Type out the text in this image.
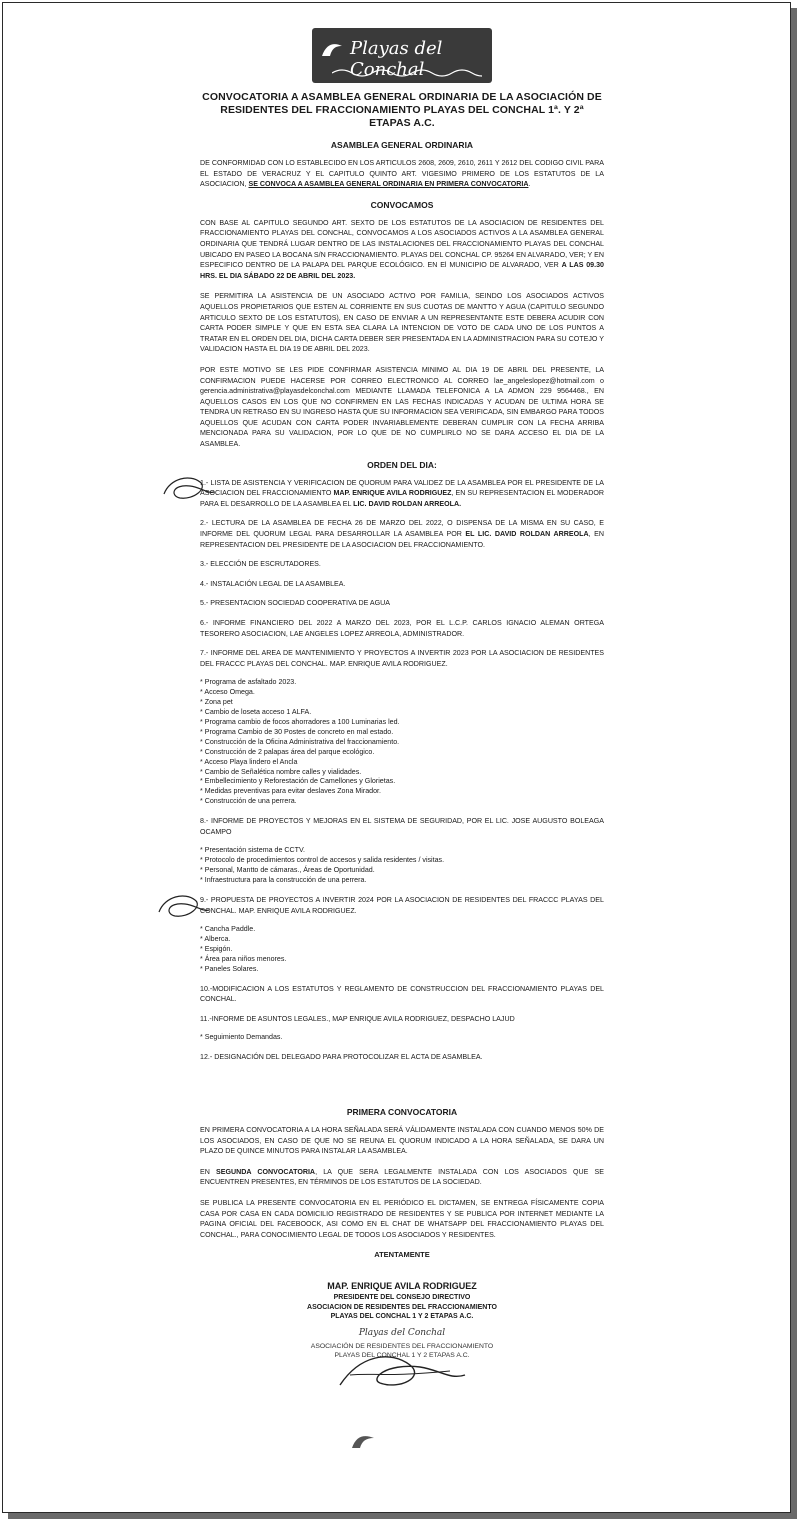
Playas del Conchal
CONVOCATORIA A ASAMBLEA GENERAL ORDINARIA DE LA ASOCIACIÓN DE RESIDENTES DEL FRACCIONAMIENTO PLAYAS DEL CONCHAL 1ª. Y 2ª ETAPAS A.C.
ASAMBLEA GENERAL ORDINARIA

DE CONFORMIDAD CON LO ESTABLECIDO EN LOS ARTICULOS 2608, 2609, 2610, 2611 Y 2612 DEL CODIGO CIVIL PARA EL ESTADO DE VERACRUZ Y EL CAPITULO QUINTO ART. VIGESIMO PRIMERO DE LOS ESTATUTOS DE LA ASOCIACION, SE CONVOCA A ASAMBLEA GENERAL ORDINARIA EN PRIMERA CONVOCATORIA.

CONVOCAMOS

CON BASE AL CAPITULO SEGUNDO ART. SEXTO DE LOS ESTATUTOS DE LA ASOCIACION DE RESIDENTES DEL FRACCIONAMIENTO PLAYAS DEL CONCHAL, CONVOCAMOS A LOS ASOCIADOS ACTIVOS A LA ASAMBLEA GENERAL ORDINARIA QUE TENDRÁ LUGAR DENTRO DE LAS INSTALACIONES DEL FRACCIONAMIENTO PLAYAS DEL CONCHAL UBICADO EN PASEO LA BOCANA S/N FRACCIONAMIENTO. PLAYAS DEL CONCHAL CP. 95264 EN ALVARADO, VER; Y EN ESPECIFICO DENTRO DE LA PALAPA DEL PARQUE ECOLÓGICO. EN El MUNICIPIO DE ALVARADO, VER A LAS 09.30 HRS. EL DIA SÁBADO 22 DE ABRIL DEL 2023.

SE PERMITIRA LA ASISTENCIA DE UN ASOCIADO ACTIVO POR FAMILIA, SEINDO LOS ASOCIADOS ACTIVOS AQUELLOS PROPIETARIOS QUE ESTEN AL CORRIENTE EN SUS CUOTAS DE MANTTO Y AGUA (CAPITULO SEGUNDO ARTICULO SEXTO DE LOS ESTATUTOS), EN CASO DE ENVIAR A UN REPRESENTANTE ESTE DEBERA ACUDIR CON CARTA PODER SIMPLE Y QUE EN ESTA SEA CLARA LA INTENCION DE VOTO DE CADA UNO DE LOS PUNTOS A TRATAR EN EL ORDEN DEL DIA, DICHA CARTA DEBER SER PRESENTADA EN LA ADMINISTRACION PARA SU COTEJO Y VALIDACION HASTA EL DIA 19 DE ABRIL DEL 2023.

POR ESTE MOTIVO SE LES PIDE CONFIRMAR ASISTENCIA MINIMO AL DIA 19 DE ABRIL DEL PRESENTE, LA CONFIRMACION PUEDE HACERSE POR CORREO ELECTRONICO AL CORREO lae_angeleslopez@hotmail.com o gerencia.administrativa@playasdelconchal.com MEDIANTE LLAMADA TELEFONICA A LA ADMON 229 9564468., EN AQUELLOS CASOS EN LOS QUE NO CONFIRMEN EN LAS FECHAS INDICADAS Y ACUDAN DE ULTIMA HORA SE TENDRA UN RETRASO EN SU INGRESO HASTA QUE SU INFORMACION SEA VERIFICADA, SIN EMBARGO PARA TODOS AQUELLOS QUE ACUDAN CON CARTA PODER INVARIABLEMENTE DEBERAN CUMPLIR CON LA FECHA ARRIBA MENCIONADA PARA SU VALIDACION, POR LO QUE DE NO CUMPLIRLO NO SE DARA ACCESO EL DIA DE LA ASAMBLEA.

ORDEN DEL DIA:

1.- LISTA DE ASISTENCIA Y VERIFICACION DE QUORUM PARA VALIDEZ DE LA ASAMBLEA POR EL PRESIDENTE DE LA ASOCIACION DEL FRACCIONAMIENTO MAP. ENRIQUE AVILA RODRIGUEZ, EN SU REPRESENTACION EL MODERADOR PARA EL DESARROLLO DE LA ASAMBLEA EL LIC. DAVID ROLDAN ARREOLA.

2.- LECTURA DE LA ASAMBLEA DE FECHA 26 DE MARZO DEL 2022, O DISPENSA DE LA MISMA EN SU CASO, E INFORME DEL QUORUM LEGAL PARA DESARROLLAR LA ASAMBLEA POR EL LIC. DAVID ROLDAN ARREOLA, EN REPRESENTACION DEL PRESIDENTE DE LA ASOCIACION DEL FRACCIONAMIENTO.

3.- ELECCIÓN DE ESCRUTADORES.

4.- INSTALACIÓN LEGAL DE LA ASAMBLEA.

5.- PRESENTACION SOCIEDAD COOPERATIVA DE AGUA

6.- INFORME FINANCIERO DEL 2022 A MARZO DEL 2023, POR EL L.C.P. CARLOS IGNACIO ALEMAN ORTEGA TESORERO ASOCIACION, LAE ANGELES LOPEZ ARREOLA, ADMINISTRADOR.

7.- INFORME DEL AREA DE MANTENIMIENTO Y PROYECTOS A INVERTIR 2023 POR LA ASOCIACION DE RESIDENTES DEL FRACCC PLAYAS DEL CONCHAL. MAP. ENRIQUE AVILA RODRIGUEZ.

* Programa de asfaltado 2023.
* Acceso Omega.
* Zona pet
* Cambio de loseta acceso 1 ALFA.
* Programa cambio de focos ahorradores a 100 Luminarias led.
* Programa Cambio de 30 Postes de concreto en mal estado.
* Construcción de la Oficina Administrativa del fraccionamiento.
* Construcción de 2 palapas área del parque ecológico.
* Acceso Playa lindero el Ancla
* Cambio de Señalética nombre calles y vialidades.
* Embellecimiento y Reforestación de Camellones y Glorietas.
* Medidas preventivas para evitar deslaves Zona Mirador.
* Construcción de una perrera.

8.- INFORME DE PROYECTOS Y MEJORAS EN EL SISTEMA DE SEGURIDAD, POR EL LIC. JOSE AUGUSTO BOLEAGA OCAMPO

* Presentación sistema de CCTV.
* Protocolo de procedimientos control de accesos y salida residentes / visitas.
* Personal, Mantto de cámaras., Áreas de Oportunidad.
* Infraestructura para la construcción de una perrera.

9.- PROPUESTA DE PROYECTOS A INVERTIR 2024 POR LA ASOCIACION DE RESIDENTES DEL FRACCC PLAYAS DEL CONCHAL. MAP. ENRIQUE AVILA RODRIGUEZ.

* Cancha Paddle.
* Alberca.
* Espigón.
* Área para niños menores.
* Paneles Solares.

10.-MODIFICACION A LOS ESTATUTOS Y REGLAMENTO DE CONSTRUCCION DEL FRACCIONAMIENTO PLAYAS DEL CONCHAL.

11.-INFORME DE ASUNTOS LEGALES., MAP ENRIQUE AVILA RODRIGUEZ, DESPACHO LAJUD

* Seguimiento Demandas.

12.- DESIGNACIÓN DEL DELEGADO PARA PROTOCOLIZAR EL ACTA DE ASAMBLEA.

PRIMERA CONVOCATORIA

EN PRIMERA CONVOCATORIA A LA HORA SEÑALADA SERÁ VÁLIDAMENTE INSTALADA CON CUANDO MENOS 50% DE LOS ASOCIADOS, EN CASO DE QUE NO SE REUNA EL QUORUM INDICADO A LA HORA SEÑALADA, SE DARA UN PLAZO DE QUINCE MINUTOS PARA INSTALAR LA ASAMBLEA.

EN SEGUNDA CONVOCATORIA, LA QUE SERA LEGALMENTE INSTALADA CON LOS ASOCIADOS QUE SE ENCUENTREN PRESENTES, EN TÉRMINOS DE LOS ESTATUTOS DE LA SOCIEDAD.

SE PUBLICA LA PRESENTE CONVOCATORIA EN EL PERIÓDICO EL DICTAMEN, SE ENTREGA FÍSICAMENTE COPIA CASA POR CASA EN CADA DOMICILIO REGISTRADO DE RESIDENTES Y SE PUBLICA POR INTERNET MEDIANTE LA PAGINA OFICIAL DEL FACEBOOCK, ASI COMO EN EL CHAT DE WHATSAPP DEL FRACCIONAMIENTO PLAYAS DEL CONCHAL., PARA CONOCIMIENTO LEGAL DE TODOS LOS ASOCIADOS Y RESIDENTES.

ATENTAMENTE
MAP. ENRIQUE AVILA RODRIGUEZ
PRESIDENTE DEL CONSEJO DIRECTIVO
ASOCIACION DE RESIDENTES DEL FRACCIONAMIENTO
PLAYAS DEL CONCHAL 1 Y 2 ETAPAS A.C.
Playas del Conchal
ASOCIACIÓN DE RESIDENTES DEL FRACCIONAMIENTO
PLAYAS DEL CONCHAL 1 Y 2 ETAPAS A.C.
